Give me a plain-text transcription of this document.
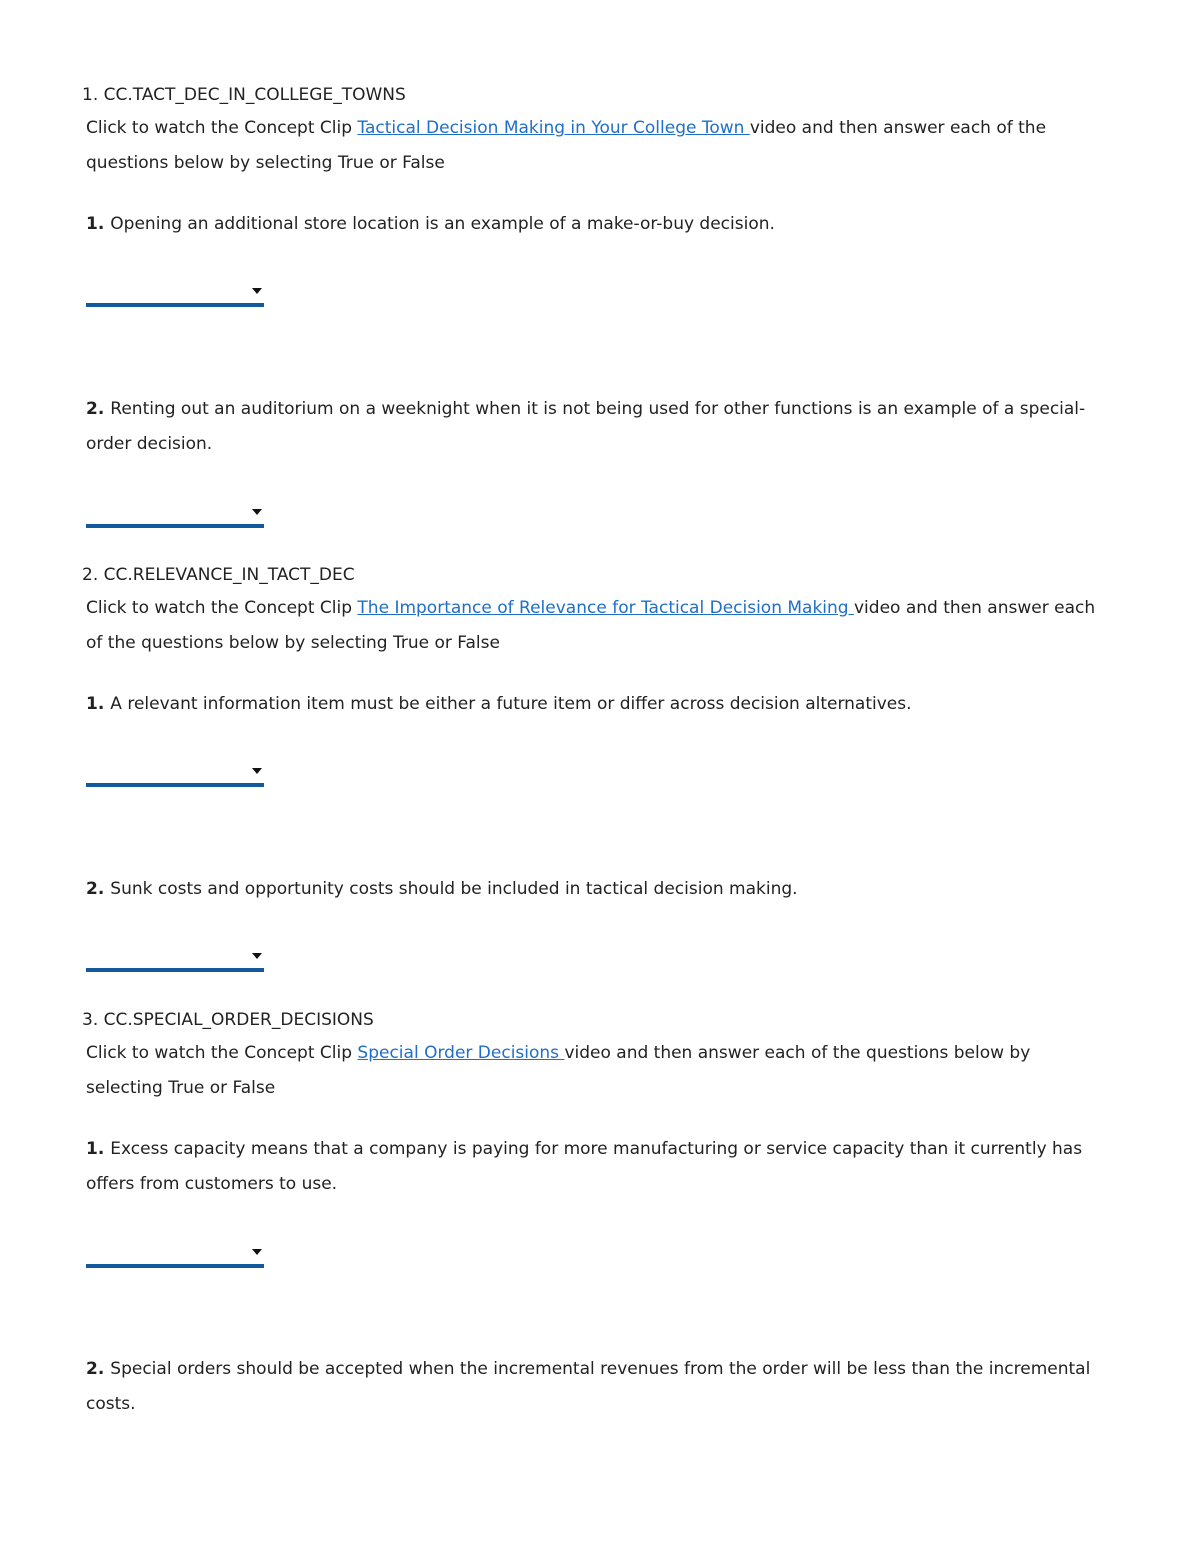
1. CC.TACT_DEC_IN_COLLEGE_TOWNS
Click to watch the Concept Clip Tactical Decision Making in Your College Town video and then answer each of the questions below by selecting True or False
1. Opening an additional store location is an example of a make-or-buy decision.
2. Renting out an auditorium on a weeknight when it is not being used for other functions is an example of a special-order decision.
2. CC.RELEVANCE_IN_TACT_DEC
Click to watch the Concept Clip The Importance of Relevance for Tactical Decision Making video and then answer each of the questions below by selecting True or False
1. A relevant information item must be either a future item or differ across decision alternatives.
2. Sunk costs and opportunity costs should be included in tactical decision making.
3. CC.SPECIAL_ORDER_DECISIONS
Click to watch the Concept Clip Special Order Decisions video and then answer each of the questions below by selecting True or False
1. Excess capacity means that a company is paying for more manufacturing or service capacity than it currently has offers from customers to use.
2. Special orders should be accepted when the incremental revenues from the order will be less than the incremental costs.
